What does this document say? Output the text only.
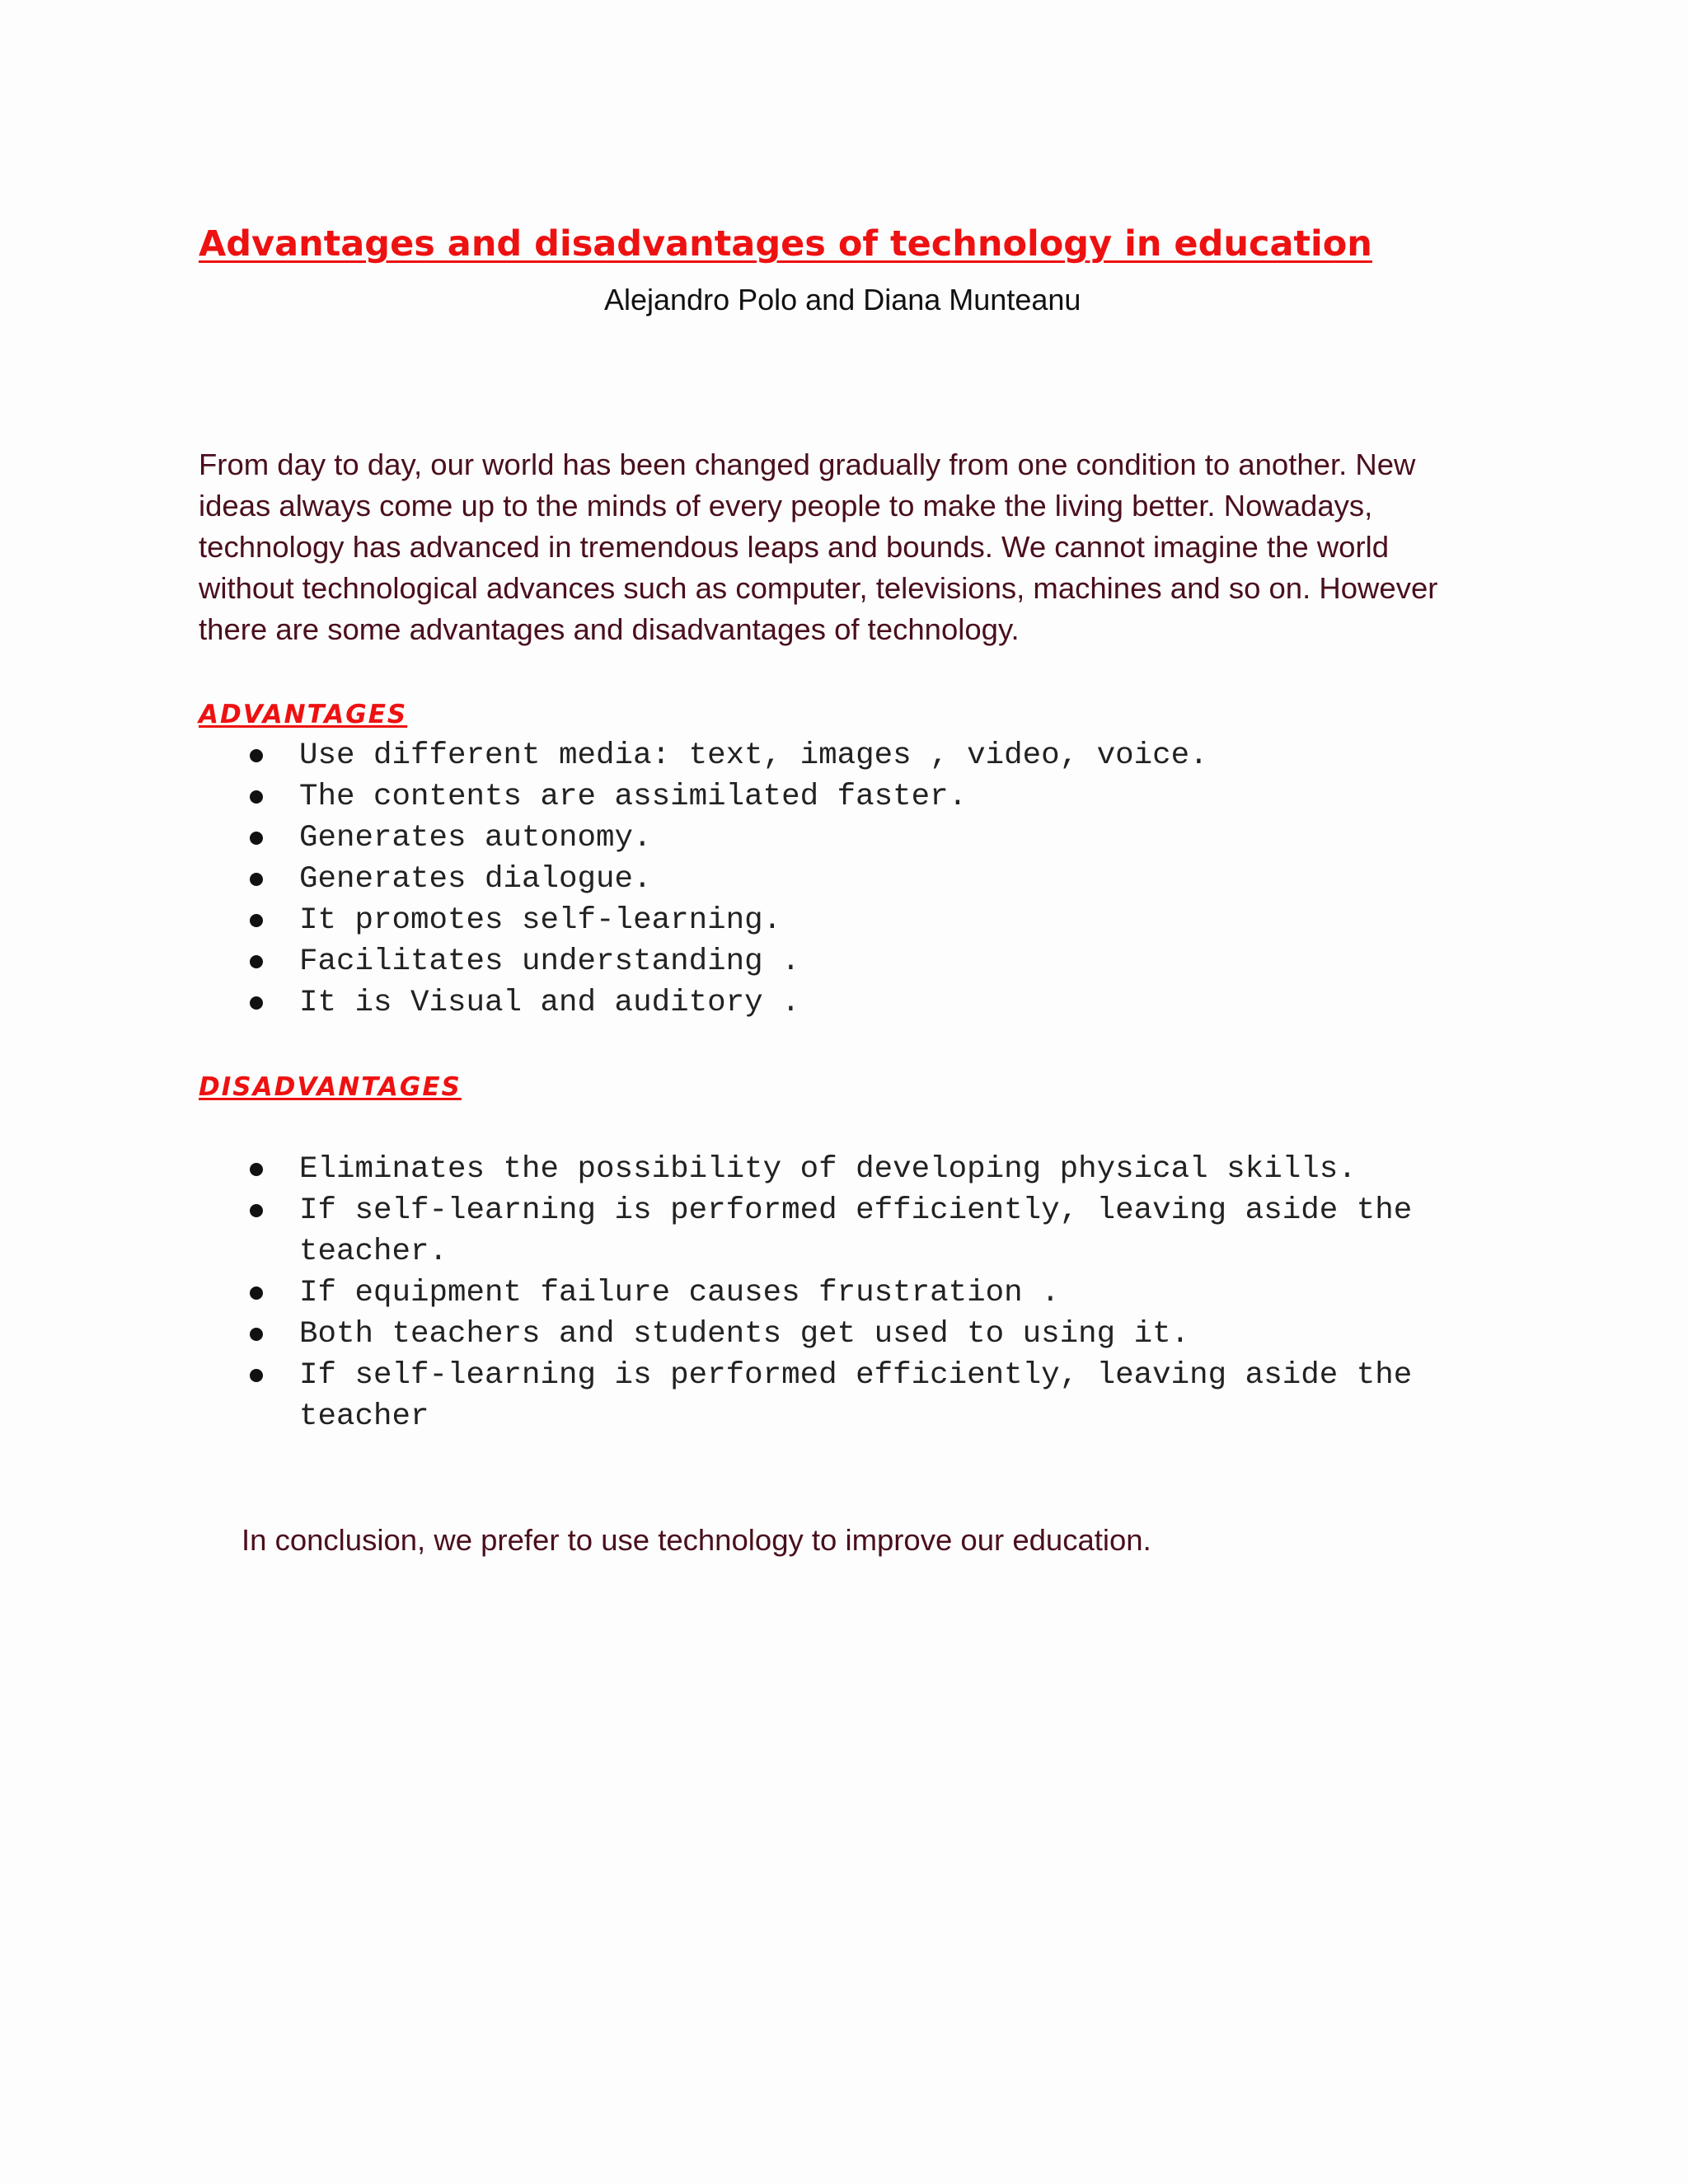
Advantages and disadvantages of technology in education

Alejandro Polo and Diana Munteanu

From day to day, our world has been changed gradually from one condition to another. New
ideas always come up to the minds of every people to make the living better. Nowadays,
technology has advanced in tremendous leaps and bounds. We cannot imagine the world
without technological advances such as computer, televisions, machines and so on. However
there are some advantages and disadvantages of technology.

advantages
Use different media: text, images , video, voice.
The contents are assimilated faster.
Generates autonomy.
Generates dialogue.
It promotes self-learning.
Facilitates understanding .
It is Visual and auditory .
disadvantages
Eliminates the possibility of developing physical skills.
If self-learning is performed efficiently, leaving aside the
teacher.
If equipment failure causes frustration .
Both teachers and students get used to using it.
If self-learning is performed efficiently, leaving aside the
teacher

In conclusion, we prefer to use technology to improve our education.
